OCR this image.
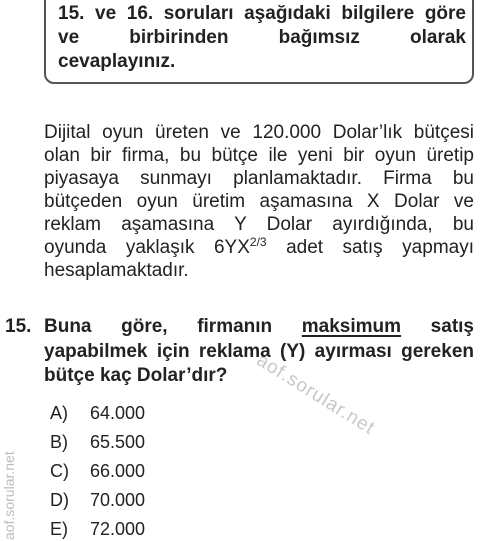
15. ve 16. soruları aşağıdaki bilgilere göre
ve birbirinden bağımsız olarak
cevaplayınız.
Dijital oyun üreten ve 120.000 Dolar’lık bütçesi
olan bir firma, bu bütçe ile yeni bir oyun üretip
piyasaya sunmayı planlamaktadır. Firma bu
bütçeden oyun üretim aşamasına X Dolar ve
reklam aşamasına Y Dolar ayırdığında, bu
oyunda yaklaşık $6YX^{2/3}$ adet satış yapmayı
hesaplamaktadır.
aof.sorular.net
15. Buna göre, firmanın maksimum satış
yapabilmek için reklama (Y) ayırması gereken
bütçe kaç Dolar’dır?
A) 64.000
B) 65.500
C) 66.000
D) 70.000
E) 72.000
aof.sorular.net
